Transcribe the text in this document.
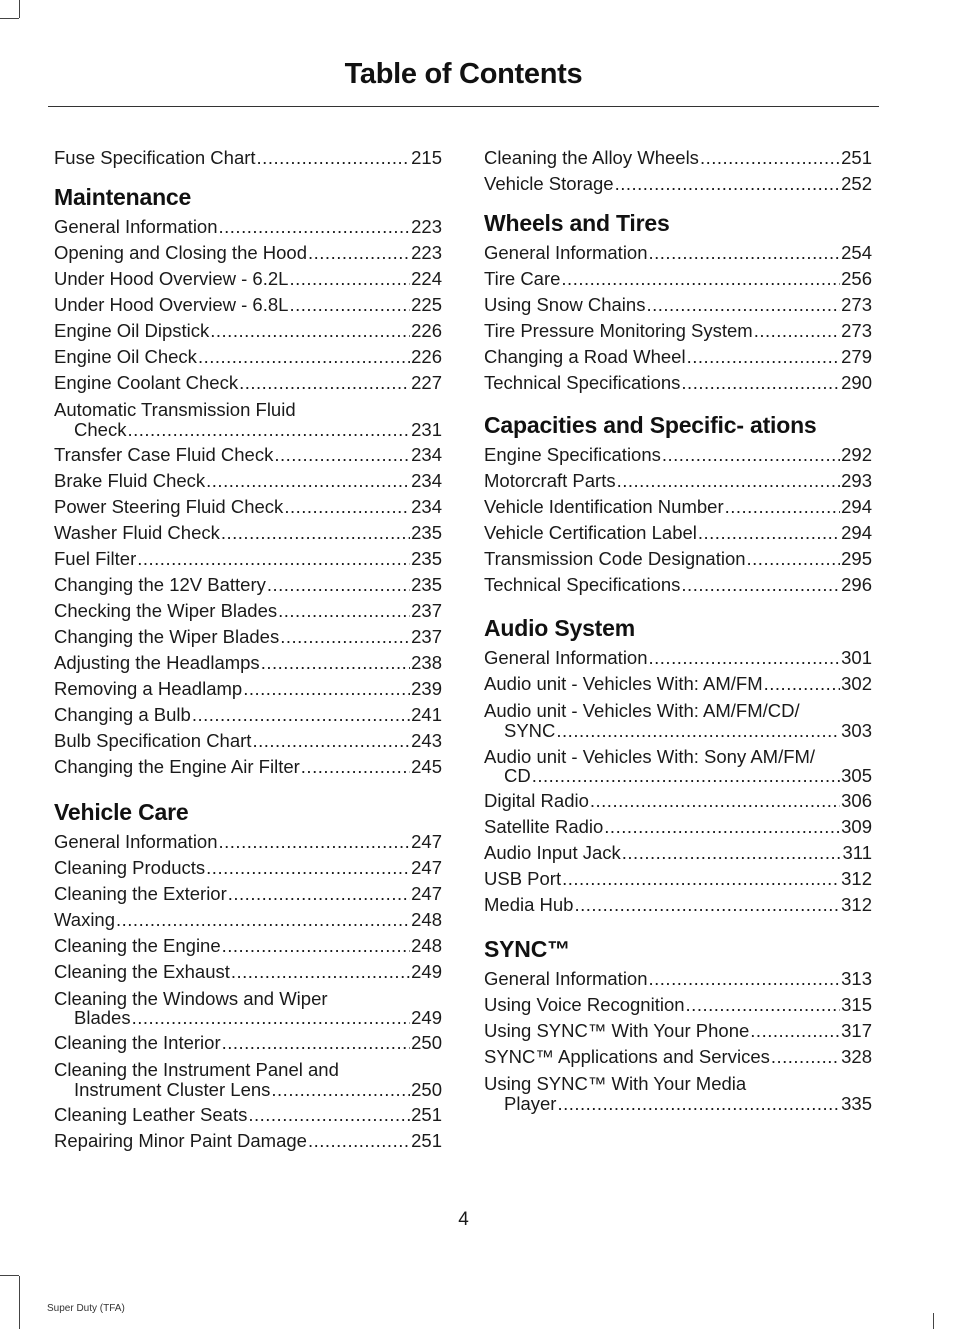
Table of Contents
Fuse Specification Chart .....	215
Maintenance
General Information .....	223
Opening and Closing the Hood .....	223
Under Hood Overview - 6.2L .....	224
Under Hood Overview - 6.8L .....	225
Engine Oil Dipstick .....	226
Engine Oil Check .....	226
Engine Coolant Check .....	227
Automatic Transmission Fluid
Check .....	231
Transfer Case Fluid Check .....	234
Brake Fluid Check .....	234
Power Steering Fluid Check .....	234
Washer Fluid Check .....	235
Fuel Filter .....	235
Changing the 12V Battery .....	235
Checking the Wiper Blades .....	237
Changing the Wiper Blades .....	237
Adjusting the Headlamps .....	238
Removing a Headlamp .....	239
Changing a Bulb .....	241
Bulb Specification Chart .....	243
Changing the Engine Air Filter .....	245
Vehicle Care
General Information .....	247
Cleaning Products .....	247
Cleaning the Exterior .....	247
Waxing .....	248
Cleaning the Engine .....	248
Cleaning the Exhaust .....	249
Cleaning the Windows and Wiper
Blades .....	249
Cleaning the Interior .....	250
Cleaning the Instrument Panel and
Instrument Cluster Lens .....	250
Cleaning Leather Seats .....	251
Repairing Minor Paint Damage .....	251
Cleaning the Alloy Wheels .....	251
Vehicle Storage .....	252
Wheels and Tires
General Information .....	254
Tire Care .....	256
Using Snow Chains .....	273
Tire Pressure Monitoring System .....	273
Changing a Road Wheel .....	279
Technical Specifications .....	290
Capacities and Specific- ations
Engine Specifications .....	292
Motorcraft Parts .....	293
Vehicle Identification Number .....	294
Vehicle Certification Label .....	294
Transmission Code Designation .....	295
Technical Specifications .....	296
Audio System
General Information .....	301
Audio unit - Vehicles With: AM/FM .....	302
Audio unit - Vehicles With: AM/FM/CD/
SYNC .....	303
Audio unit - Vehicles With: Sony AM/FM/
CD .....	305
Digital Radio .....	306
Satellite Radio .....	309
Audio Input Jack .....	311
USB Port .....	312
Media Hub .....	312
SYNC™
General Information .....	313
Using Voice Recognition .....	315
Using SYNC™ With Your Phone .....	317
SYNC™ Applications and Services .....	328
Using SYNC™ With Your Media
Player .....	335
4
Super Duty (TFA)
